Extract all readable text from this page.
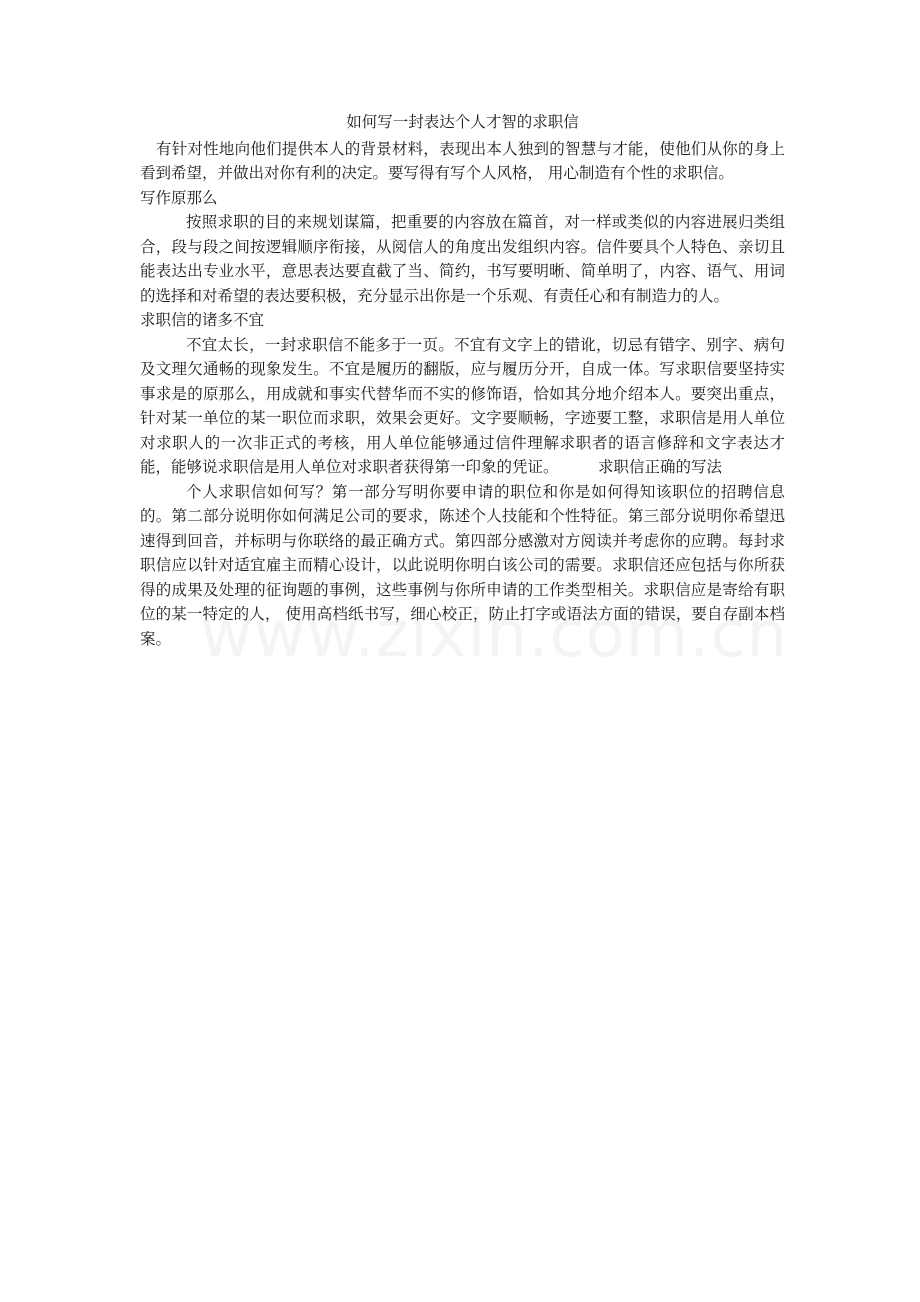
如何写一封表达个人才智的求职信

有针对性地向他们提供本人的背景材料，表现出本人独到的智慧与才能，使他们从你的身上看到希望，并做出对你有利的决定。要写得有写个人风格， 用心制造有个性的求职信。

写作原那么

按照求职的目的来规划谋篇，把重要的内容放在篇首，对一样或类似的内容进展归类组合，段与段之间按逻辑顺序衔接，从阅信人的角度出发组织内容。信件要具个人特色、亲切且能表达出专业水平，意思表达要直截了当、简约，书写要明晰、简单明了，内容、语气、用词的选择和对希望的表达要积极，充分显示出你是一个乐观、有责任心和有制造力的人。

求职信的诸多不宜

不宜太长，一封求职信不能多于一页。不宜有文字上的错讹，切忌有错字、别字、病句及文理欠通畅的现象发生。不宜是履历的翻版，应与履历分开，自成一体。写求职信要坚持实事求是的原那么，用成就和事实代替华而不实的修饰语，恰如其分地介绍本人。要突出重点，针对某一单位的某一职位而求职，效果会更好。文字要顺畅，字迹要工整，求职信是用人单位对求职人的一次非正式的考核，用人单位能够通过信件理解求职者的语言修辞和文字表达才能，能够说求职信是用人单位对求职者获得第一印象的凭证。	求职信正确的写法

个人求职信如何写？第一部分写明你要申请的职位和你是如何得知该职位的招聘信息的。第二部分说明你如何满足公司的要求，陈述个人技能和个性特征。第三部分说明你希望迅速得到回音，并标明与你联络的最正确方式。第四部分感激对方阅读并考虑你的应聘。每封求职信应以针对适宜雇主而精心设计，以此说明你明白该公司的需要。求职信还应包括与你所获得的成果及处理的征询题的事例，这些事例与你所申请的工作类型相关。求职信应是寄给有职位的某一特定的人， 使用高档纸书写，细心校正，防止打字或语法方面的错误，要自存副本档案。
